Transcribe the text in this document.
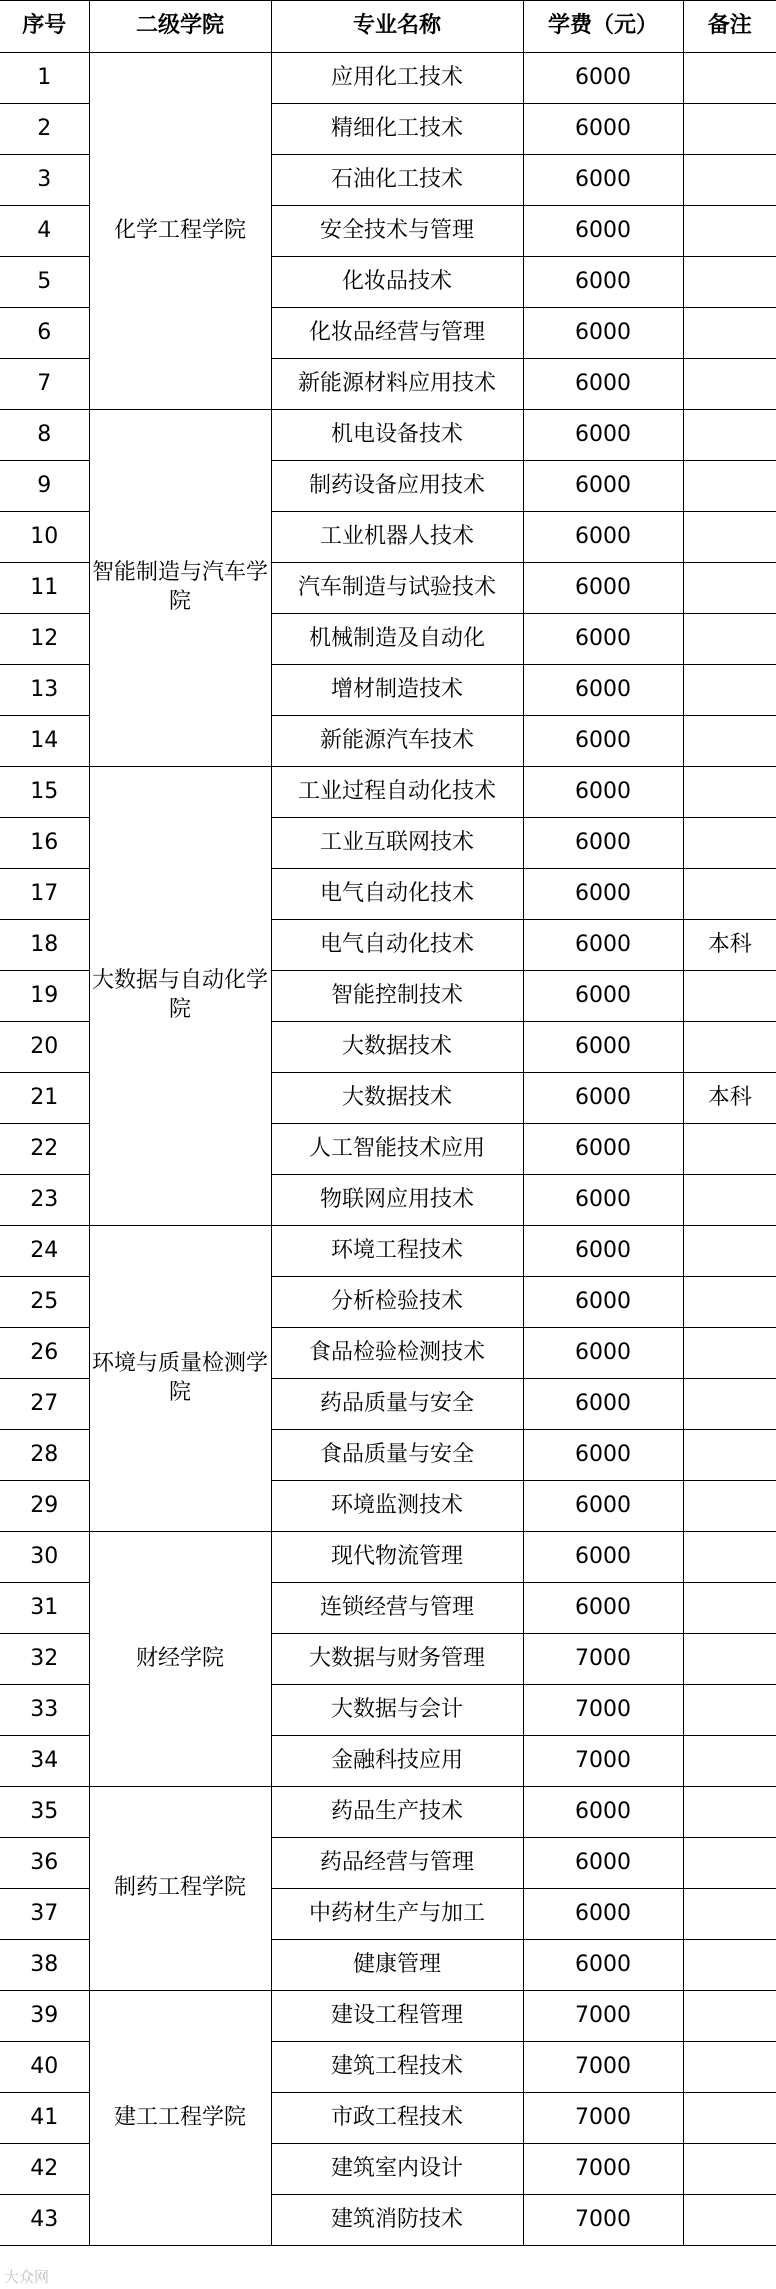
序号	二级学院	专业名称	学费（元）	备注
1	化学工程学院	应用化工技术	6000	
2		精细化工技术	6000	
3		石油化工技术	6000	
4		安全技术与管理	6000	
5		化妆品技术	6000	
6		化妆品经营与管理	6000	
7		新能源材料应用技术	6000	
8	智能制造与汽车学院	机电设备技术	6000	
9		制药设备应用技术	6000	
10		工业机器人技术	6000	
11		汽车制造与试验技术	6000	
12		机械制造及自动化	6000	
13		增材制造技术	6000	
14		新能源汽车技术	6000	
15	大数据与自动化学院	工业过程自动化技术	6000	
16		工业互联网技术	6000	
17		电气自动化技术	6000	
18		电气自动化技术	6000	本科
19		智能控制技术	6000	
20		大数据技术	6000	
21		大数据技术	6000	本科
22		人工智能技术应用	6000	
23		物联网应用技术	6000	
24	环境与质量检测学院	环境工程技术	6000	
25		分析检验技术	6000	
26		食品检验检测技术	6000	
27		药品质量与安全	6000	
28		食品质量与安全	6000	
29		环境监测技术	6000	
30	财经学院	现代物流管理	6000	
31		连锁经营与管理	6000	
32		大数据与财务管理	7000	
33		大数据与会计	7000	
34		金融科技应用	7000	
35	制药工程学院	药品生产技术	6000	
36		药品经营与管理	6000	
37		中药材生产与加工	6000	
38		健康管理	6000	
39	建工工程学院	建设工程管理	7000	
40		建筑工程技术	7000	
41		市政工程技术	7000	
42		建筑室内设计	7000	
43		建筑消防技术	7000	
大众网
